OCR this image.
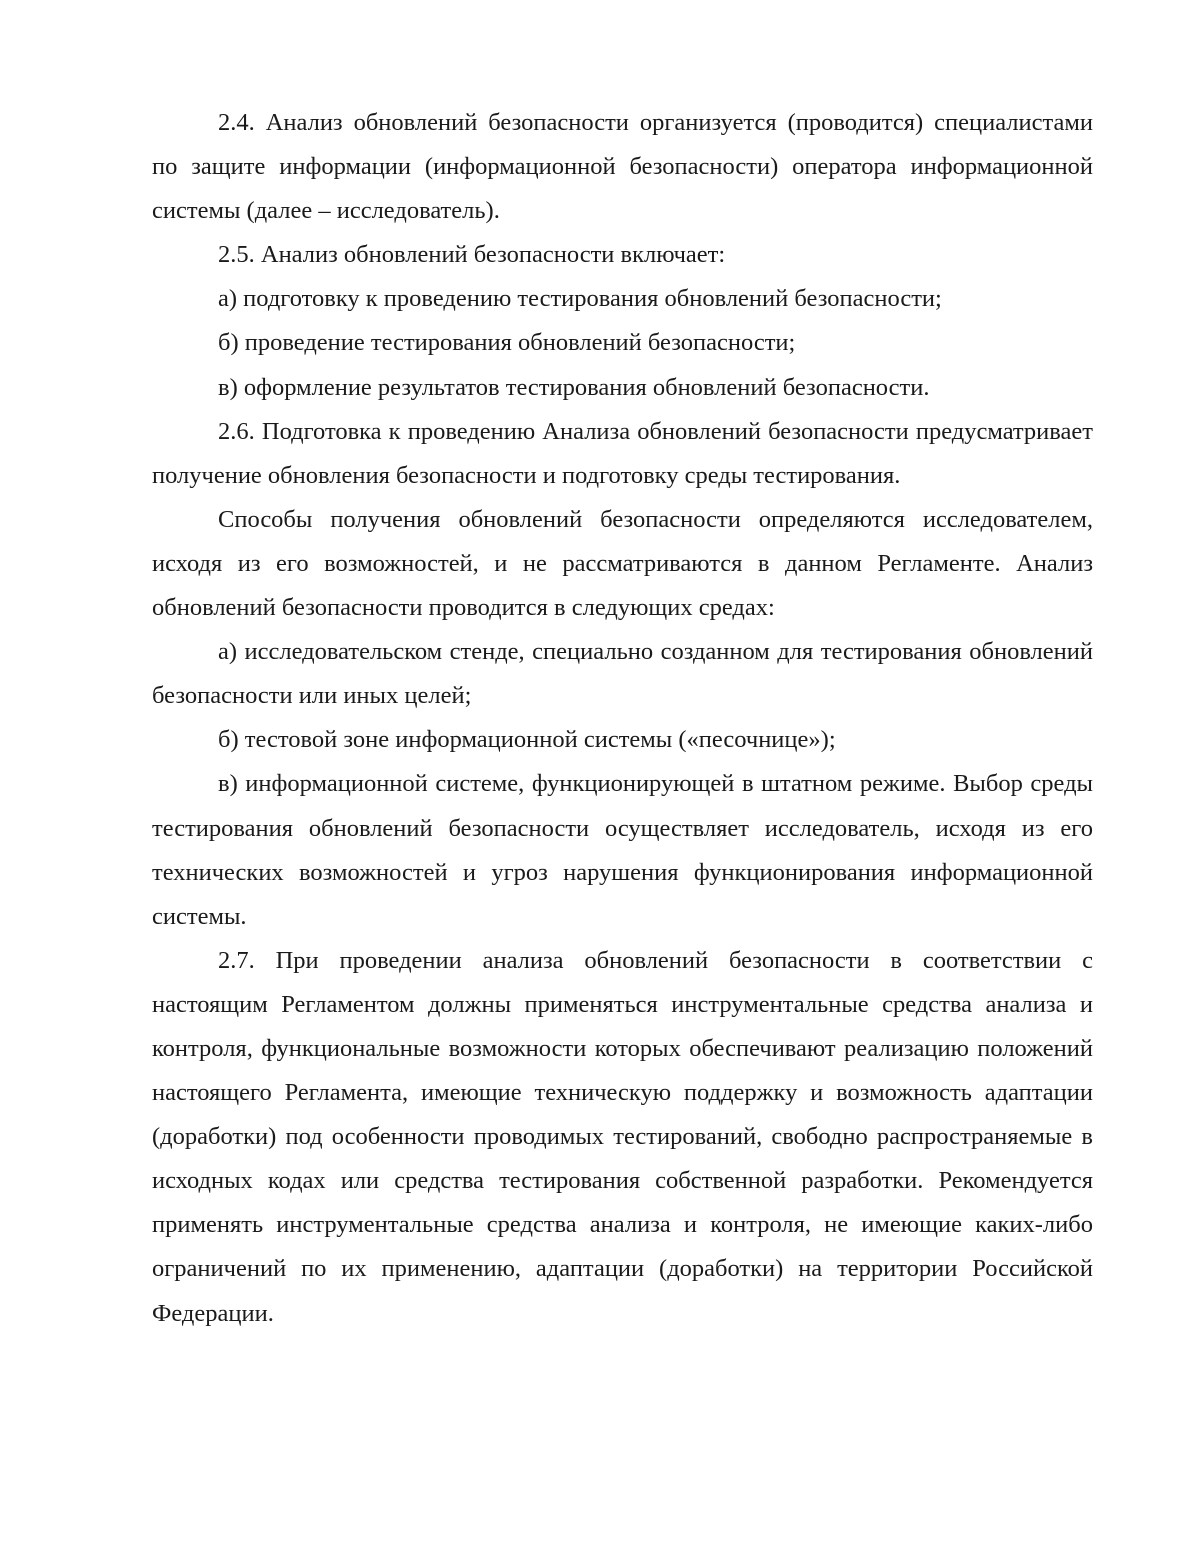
2.4. Анализ обновлений безопасности организуется (проводится) специалистами по защите информации (информационной безопасности) оператора информационной системы (далее – исследователь).

2.5. Анализ обновлений безопасности включает:

а) подготовку к проведению тестирования обновлений безопасности;

б) проведение тестирования обновлений безопасности;

в) оформление результатов тестирования обновлений безопасности.

2.6. Подготовка к проведению Анализа обновлений безопасности предусматривает получение обновления безопасности и подготовку среды тестирования.

Способы получения обновлений безопасности определяются исследователем, исходя из его возможностей, и не рассматриваются в данном Регламенте. Анализ обновлений безопасности проводится в следующих средах:

а) исследовательском стенде, специально созданном для тестирования обновлений безопасности или иных целей;

б) тестовой зоне информационной системы («песочнице»);

в) информационной системе, функционирующей в штатном режиме. Выбор среды тестирования обновлений безопасности осуществляет исследователь, исходя из его технических возможностей и угроз нарушения функционирования информационной системы.

2.7. При проведении анализа обновлений безопасности в соответствии с настоящим Регламентом должны применяться инструментальные средства анализа и контроля, функциональные возможности которых обеспечивают реализацию положений настоящего Регламента, имеющие техническую поддержку и возможность адаптации (доработки) под особенности проводимых тестирований, свободно распространяемые в исходных кодах или средства тестирования собственной разработки. Рекомендуется применять инструментальные средства анализа и контроля, не имеющие каких-либо ограничений по их применению, адаптации (доработки) на территории Российской Федерации.
